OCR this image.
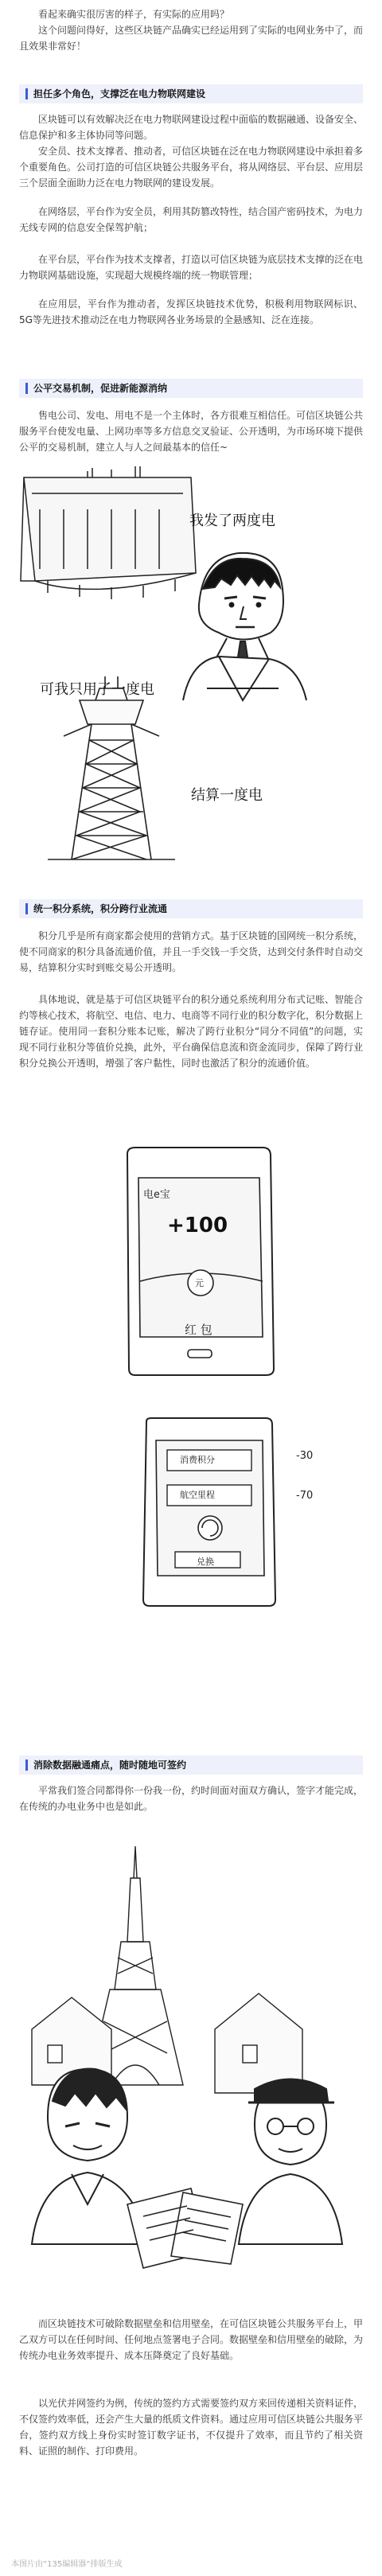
看起来确实很厉害的样子，有实际的应用吗？

这个问题问得好，这些区块链产品确实已经运用到了实际的电网业务中了，而且效果非常好！

担任多个角色，支撑泛在电力物联网建设

区块链可以有效解决泛在电力物联网建设过程中面临的数据融通、设备安全、信息保护和多主体协同等问题。

安全员、技术支撑者、推动者，可信区块链在泛在电力物联网建设中承担着多个重要角色。公司打造的可信区块链公共服务平台，将从网络层、平台层、应用层三个层面全面助力泛在电力物联网的建设发展。

在网络层，平台作为安全员，利用其防篡改特性，结合国产密码技术，为电力无线专网的信息安全保驾护航；

在平台层，平台作为技术支撑者，打造以可信区块链为底层技术支撑的泛在电力物联网基础设施，实现超大规模终端的统一物联管理；

在应用层，平台作为推动者，发挥区块链技术优势，积极利用物联网标识、5G等先进技术推动泛在电力物联网各业务场景的全悬感知、泛在连接。

公平交易机制，促进新能源消纳

售电公司、发电、用电不是一个主体时，各方很难互相信任。可信区块链公共服务平台使发电量、上网功率等多方信息交叉验证、公开透明，为市场环境下提供公平的交易机制，建立人与人之间最基本的信任~

我发了两度电
可我只用了一度电
结算一度电
统一积分系统，积分跨行业流通

积分几乎是所有商家都会使用的营销方式。基于区块链的国网统一积分系统，使不同商家的积分具备流通价值，并且一手交钱一手交货，达到交付条件时自动交易，结算积分实时到账交易公开透明。

具体地说，就是基于可信区块链平台的积分通兑系统利用分布式记账、智能合约等核心技术，将航空、电信、电力、电商等不同行业的积分数字化，积分数据上链存证。使用同一套积分账本记账，解决了跨行业积分“同分不同值”的问题，实现不同行业积分等值价兑换，此外，平台确保信息流和资金流同步，保障了跨行业积分兑换公开透明，增强了客户黏性，同时也激活了积分的流通价值。

电e宝
+100
元
红 包
消费积分
航空里程
兑换
-30
-70
消除数据融通痛点，随时随地可签约

平常我们签合同都得你一份我一份，约时间面对面双方确认，签字才能完成，在传统的办电业务中也是如此。

而区块链技术可破除数据壁垒和信用壁垒，在可信区块链公共服务平台上，甲乙双方可以在任何时间、任何地点签署电子合同。数据壁垒和信用壁垒的破除，为传统办电业务效率提升、成本压降奠定了良好基础。

以光伏并网签约为例，传统的签约方式需要签约双方来回传递相关资料证件，不仅签约效率低，还会产生大量的纸质文件资料。通过应用可信区块链公共服务平台，签约双方线上身份实时签订数字证书，不仅提升了效率，而且节约了相关资料、证照的制作、打印费用。

本图片由“135编辑器”排版生成
